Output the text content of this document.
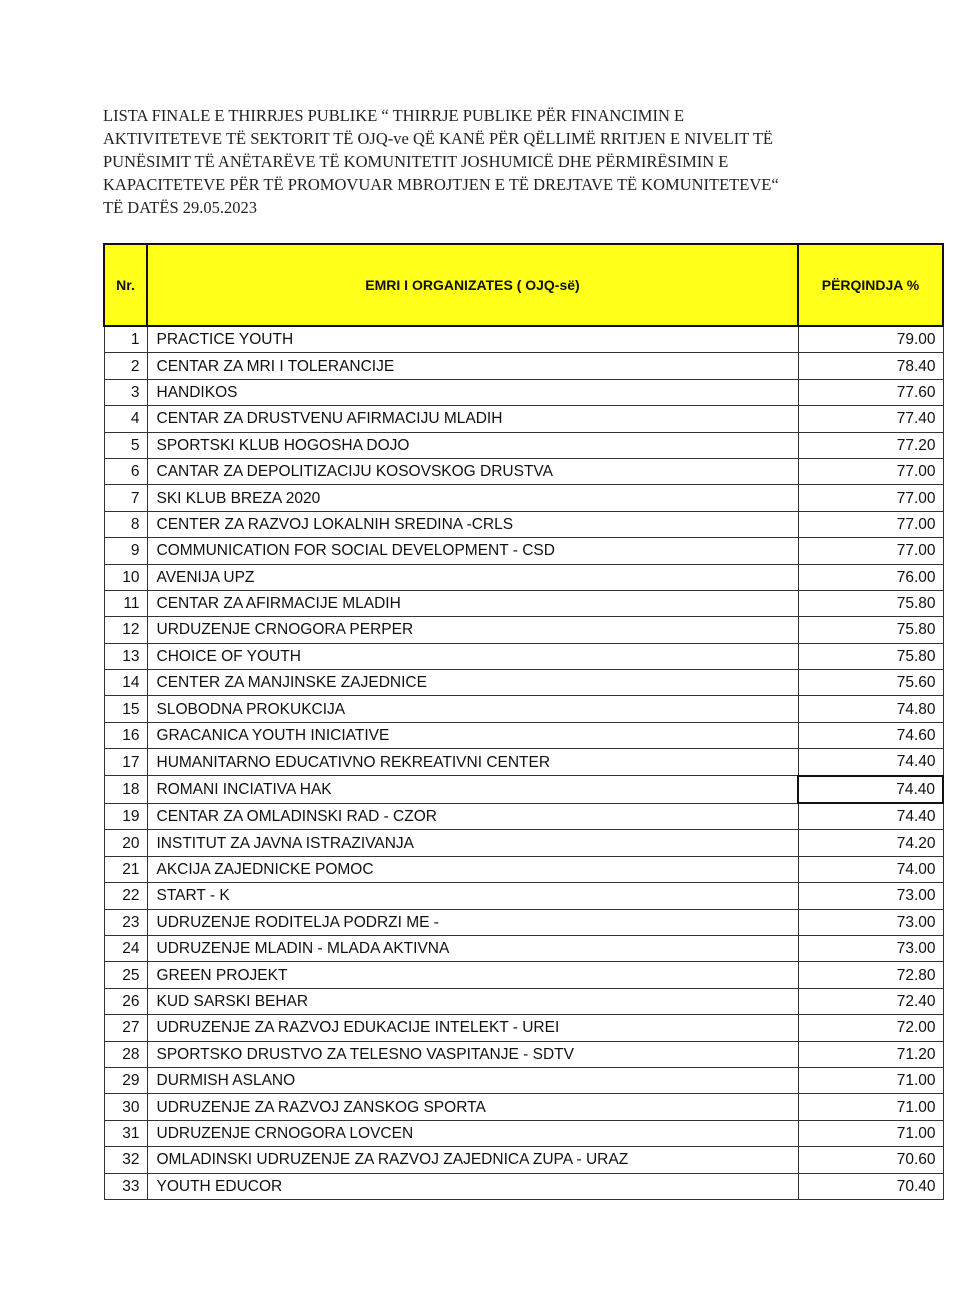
LISTA FINALE E THIRRJES PUBLIKE “ THIRRJE PUBLIKE PËR FINANCIMIN E
AKTIVITETEVE TË SEKTORIT TË OJQ-ve QË KANË PËR QËLLIMË RRITJEN E NIVELIT TË
PUNËSIMIT TË ANËTARËVE TË KOMUNITETIT JOSHUMICË DHE PËRMIRËSIMIN E
KAPACITETEVE PËR TË PROMOVUAR MBROJTJEN E TË DREJTAVE TË KOMUNITETEVE“
TË DATËS 29.05.2023
Nr.	EMRI I ORGANIZATES ( OJQ-së)	PËRQINDJA %
1	PRACTICE YOUTH	79.00
2	CENTAR ZA MRI I TOLERANCIJE	78.40
3	HANDIKOS	77.60
4	CENTAR ZA DRUSTVENU AFIRMACIJU MLADIH	77.40
5	SPORTSKI KLUB HOGOSHA DOJO	77.20
6	CANTAR ZA DEPOLITIZACIJU KOSOVSKOG DRUSTVA	77.00
7	SKI KLUB BREZA 2020	77.00
8	CENTER ZA RAZVOJ LOKALNIH SREDINA -CRLS	77.00
9	COMMUNICATION FOR SOCIAL DEVELOPMENT - CSD	77.00
10	AVENIJA UPZ	76.00
11	CENTAR ZA AFIRMACIJE MLADIH	75.80
12	URDUZENJE CRNOGORA PERPER	75.80
13	CHOICE OF YOUTH	75.80
14	CENTER ZA MANJINSKE ZAJEDNICE	75.60
15	SLOBODNA PROKUKCIJA	74.80
16	GRACANICA YOUTH INICIATIVE	74.60
17	HUMANITARNO EDUCATIVNO REKREATIVNI CENTER	74.40
18	ROMANI INCIATIVA HAK	74.40
19	CENTAR ZA OMLADINSKI RAD - CZOR	74.40
20	INSTITUT ZA JAVNA ISTRAZIVANJA	74.20
21	AKCIJA ZAJEDNICKE POMOC	74.00
22	START - K	73.00
23	UDRUZENJE RODITELJA PODRZI ME -	73.00
24	UDRUZENJE MLADIN - MLADA AKTIVNA	73.00
25	GREEN PROJEKT	72.80
26	KUD SARSKI BEHAR	72.40
27	UDRUZENJE ZA RAZVOJ EDUKACIJE INTELEKT - UREI	72.00
28	SPORTSKO DRUSTVO ZA TELESNO VASPITANJE - SDTV	71.20
29	DURMISH ASLANO	71.00
30	UDRUZENJE ZA RAZVOJ ZANSKOG SPORTA	71.00
31	UDRUZENJE CRNOGORA LOVCEN	71.00
32	OMLADINSKI UDRUZENJE ZA RAZVOJ ZAJEDNICA ZUPA - URAZ	70.60
33	YOUTH EDUCOR	70.40
